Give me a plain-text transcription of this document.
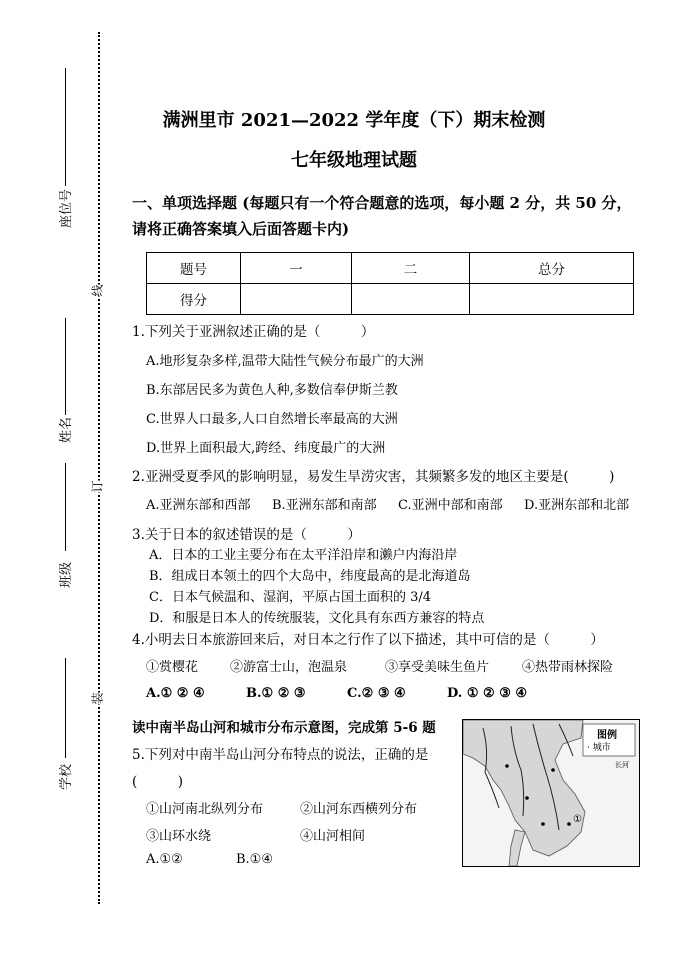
座位号
姓名
班级
学校
线
订
装
满洲里市 2021—2022 学年度（下）期末检测
七年级地理试题
一、单项选择题 (每题只有一个符合题意的选项，每小题 2 分，共 50 分，
请将正确答案填入后面答题卡内)
题号	一	二	总分
得分			
1.下列关于亚洲叙述正确的是（　　　）
A.地形复杂多样,温带大陆性气候分布最广的大洲
B.东部居民多为黄色人种,多数信奉伊斯兰教
C.世界人口最多,人口自然增长率最高的大洲
D.世界上面积最大,跨经、纬度最广的大洲
2.亚洲受夏季风的影响明显，易发生旱涝灾害，其频繁多发的地区主要是(　　　)
A.亚洲东部和西部 B.亚洲东部和南部 C.亚洲中部和南部 D.亚洲东部和北部
3.关于日本的叙述错误的是（　　　）
A．日本的工业主要分布在太平洋沿岸和濑户内海沿岸
B．组成日本领土的四个大岛中，纬度最高的是北海道岛
C．日本气候温和、湿润，平原占国土面积的 3/4
D．和服是日本人的传统服装，文化具有东西方兼容的特点
4.小明去日本旅游回来后，对日本之行作了以下描述，其中可信的是（　　　）
①赏樱花 ②游富士山，泡温泉	③享受美味生鱼片	④热带雨林探险
A.① ② ④	B.① ② ③	C.② ③ ④	D. ① ② ③ ④
读中南半岛山河和城市分布示意图，完成第 5-6 题
5.下列对中南半岛山河分布特点的说法，正确的是
(　　　)
①山河南北纵列分布	②山河东西横列分布
③山环水绕	④山河相间
A.①②	B.①④
图例
· 城市
长河
①
